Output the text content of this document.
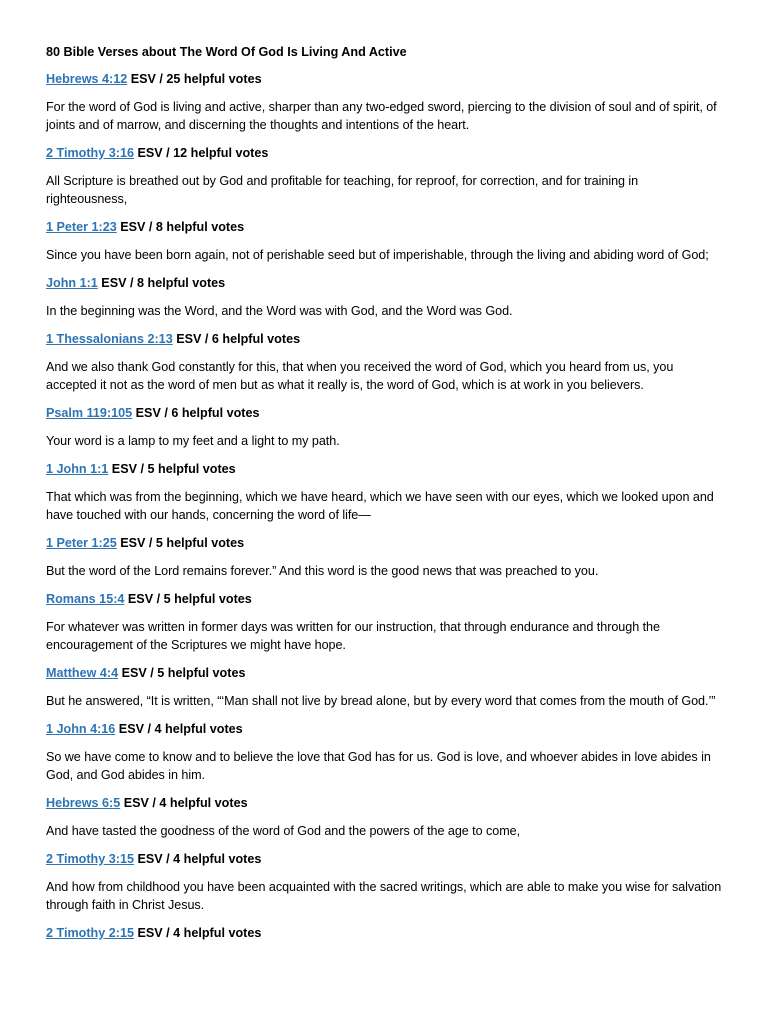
80 Bible Verses about The Word Of God Is Living And Active
Hebrews 4:12 ESV / 25 helpful votes

For the word of God is living and active, sharper than any two-edged sword, piercing to the division of soul and of spirit, of joints and of marrow, and discerning the thoughts and intentions of the heart.

2 Timothy 3:16 ESV / 12 helpful votes

All Scripture is breathed out by God and profitable for teaching, for reproof, for correction, and for training in righteousness,

1 Peter 1:23 ESV / 8 helpful votes

Since you have been born again, not of perishable seed but of imperishable, through the living and abiding word of God;

John 1:1 ESV / 8 helpful votes

In the beginning was the Word, and the Word was with God, and the Word was God.

1 Thessalonians 2:13 ESV / 6 helpful votes

And we also thank God constantly for this, that when you received the word of God, which you heard from us, you accepted it not as the word of men but as what it really is, the word of God, which is at work in you believers.

Psalm 119:105 ESV / 6 helpful votes

Your word is a lamp to my feet and a light to my path.

1 John 1:1 ESV / 5 helpful votes

That which was from the beginning, which we have heard, which we have seen with our eyes, which we looked upon and have touched with our hands, concerning the word of life—

1 Peter 1:25 ESV / 5 helpful votes

But the word of the Lord remains forever.” And this word is the good news that was preached to you.

Romans 15:4 ESV / 5 helpful votes

For whatever was written in former days was written for our instruction, that through endurance and through the encouragement of the Scriptures we might have hope.

Matthew 4:4 ESV / 5 helpful votes

But he answered, “It is written, “‘Man shall not live by bread alone, but by every word that comes from the mouth of God.’”

1 John 4:16 ESV / 4 helpful votes

So we have come to know and to believe the love that God has for us. God is love, and whoever abides in love abides in God, and God abides in him.

Hebrews 6:5 ESV / 4 helpful votes

And have tasted the goodness of the word of God and the powers of the age to come,

2 Timothy 3:15 ESV / 4 helpful votes

And how from childhood you have been acquainted with the sacred writings, which are able to make you wise for salvation through faith in Christ Jesus.

2 Timothy 2:15 ESV / 4 helpful votes
